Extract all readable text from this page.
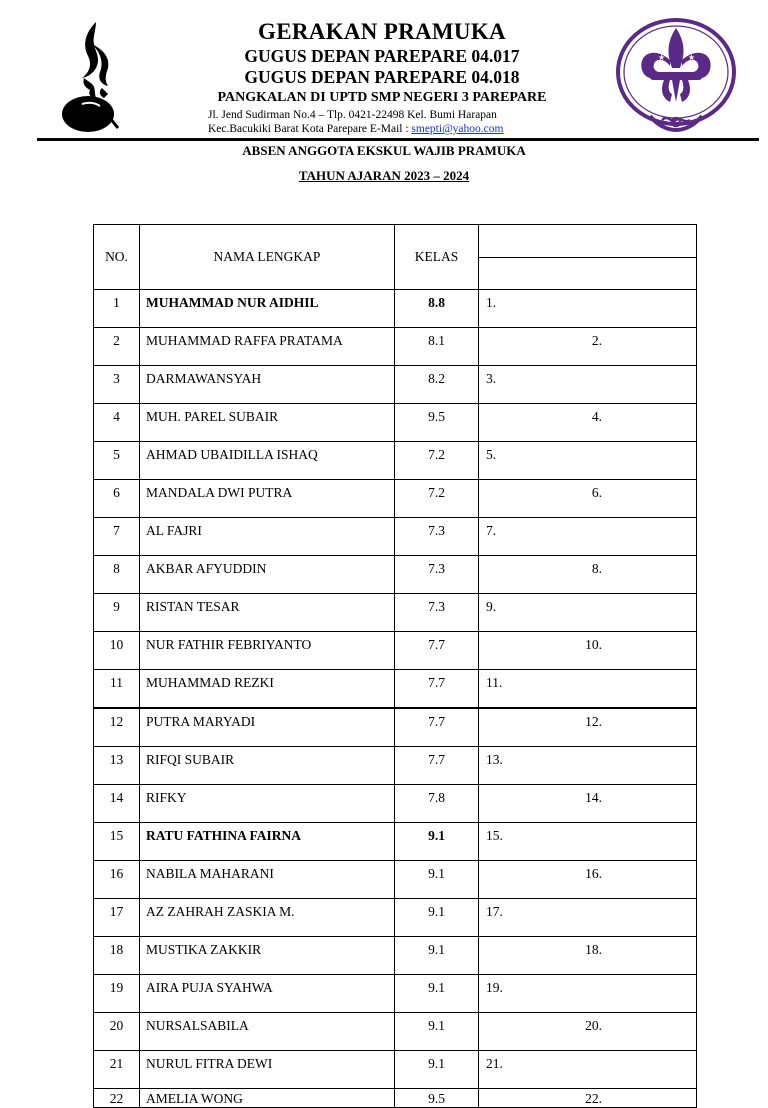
★	★
GERAKAN PRAMUKA
GUGUS DEPAN PAREPARE 04.017
GUGUS DEPAN PAREPARE 04.018
PANGKALAN DI UPTD SMP NEGERI 3 PAREPARE
Jl. Jend Sudirman No.4 – Tlp. 0421-22498 Kel. Bumi Harapan
Kec.Bacukiki Barat Kota Parepare E-Mail : smepti@yahoo.com
ABSEN ANGGOTA EKSKUL WAJIB PRAMUKA
TAHUN AJARAN 2023 – 2024
NO.	NAMA LENGKAP	KELAS	

1	MUHAMMAD NUR AIDHIL	8.8	1.
2	MUHAMMAD RAFFA PRATAMA	8.1	2.
3	DARMAWANSYAH	8.2	3.
4	MUH. PAREL SUBAIR	9.5	4.
5	AHMAD UBAIDILLA ISHAQ	7.2	5.
6	MANDALA DWI PUTRA	7.2	6.
7	AL FAJRI	7.3	7.
8	AKBAR AFYUDDIN	7.3	8.
9	RISTAN TESAR	7.3	9.
10	NUR FATHIR FEBRIYANTO	7.7	10.
11	MUHAMMAD REZKI	7.7	11.
12	PUTRA MARYADI	7.7	12.
13	RIFQI SUBAIR	7.7	13.
14	RIFKY	7.8	14.
15	RATU FATHINA FAIRNA	9.1	15.
16	NABILA MAHARANI	9.1	16.
17	AZ ZAHRAH ZASKIA M.	9.1	17.
18	MUSTIKA ZAKKIR	9.1	18.
19	AIRA PUJA SYAHWA	9.1	19.
20	NURSALSABILA	9.1	20.
21	NURUL FITRA DEWI	9.1	21.
22	AMELIA WONG	9.5	22.
